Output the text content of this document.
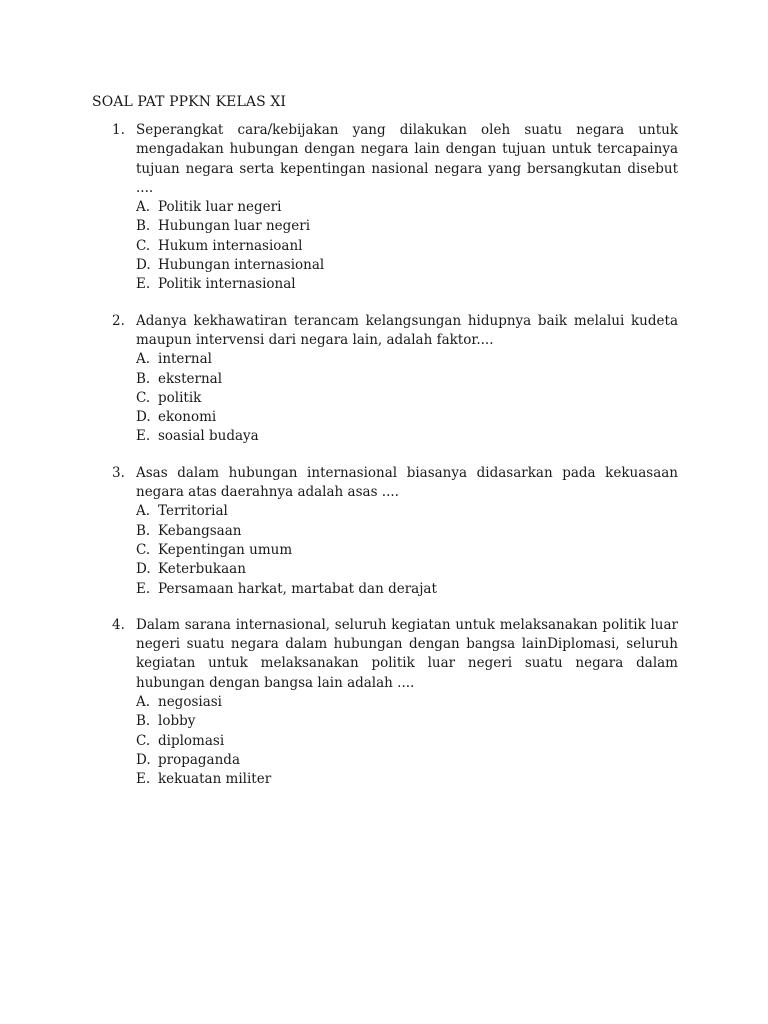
SOAL PAT PPKN KELAS XI
1. Seperangkat cara/kebijakan yang dilakukan oleh suatu negara untuk mengadakan hubungan dengan negara lain dengan tujuan untuk tercapainya tujuan negara serta kepentingan nasional negara yang bersangkutan disebut ....

A. Politik luar negeri
B. Hubungan luar negeri
C. Hukum internasioanl
D. Hubungan internasional
E. Politik internasional
2. Adanya kekhawatiran terancam kelangsungan hidupnya baik melalui kudeta maupun intervensi dari negara lain, adalah faktor....

A. internal
B. eksternal
C. politik
D. ekonomi
E. soasial budaya
3. Asas dalam hubungan internasional biasanya didasarkan pada kekuasaan negara atas daerahnya adalah asas ....

A. Territorial
B. Kebangsaan
C. Kepentingan umum
D. Keterbukaan
E. Persamaan harkat, martabat dan derajat
4. Dalam sarana internasional, seluruh kegiatan untuk melaksanakan politik luar negeri suatu negara dalam hubungan dengan bangsa lainDiplomasi, seluruh kegiatan untuk melaksanakan politik luar negeri suatu negara dalam hubungan dengan bangsa lain adalah ....

A. negosiasi
B. lobby
C. diplomasi
D. propaganda
E. kekuatan militer
